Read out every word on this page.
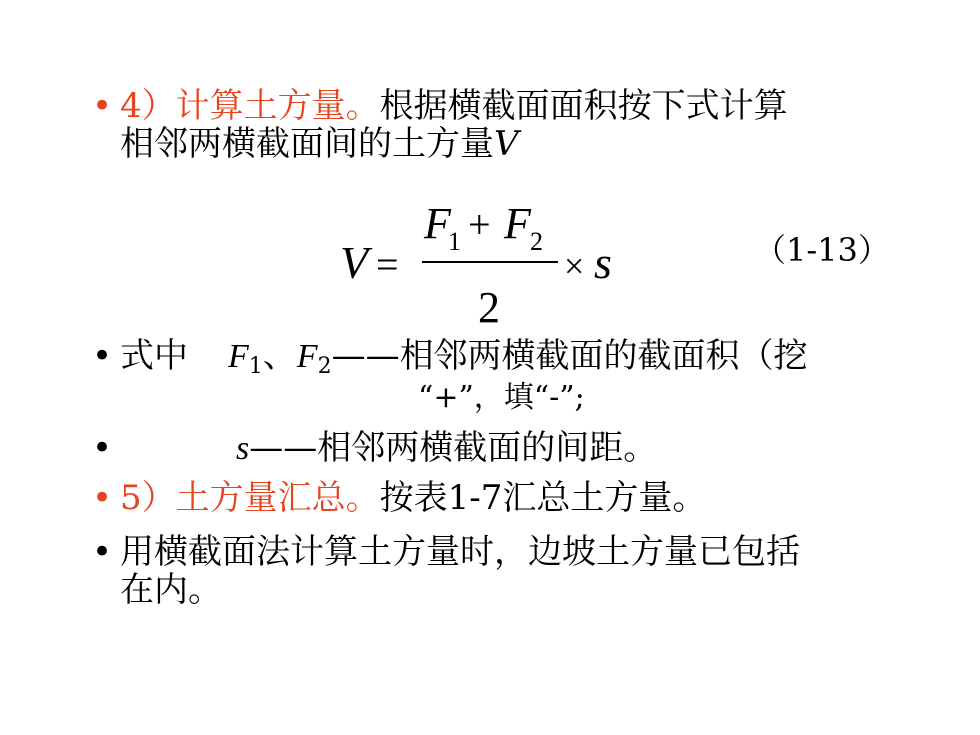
• 4）计算土方量。根据横截面面积按下式计算
相邻两横截面间的土方量V
V =
F
1 + F 2
2
× s	（1-13）
• 式中 $F_1$、$F_2——$相邻两横截面的截面积（挖
“+”，填“-”;
•	s——相邻两横截面的间距。
• 5）土方量汇总。按表1-7汇总土方量。
• 用横截面法计算土方量时，边坡土方量已包括
在内。
